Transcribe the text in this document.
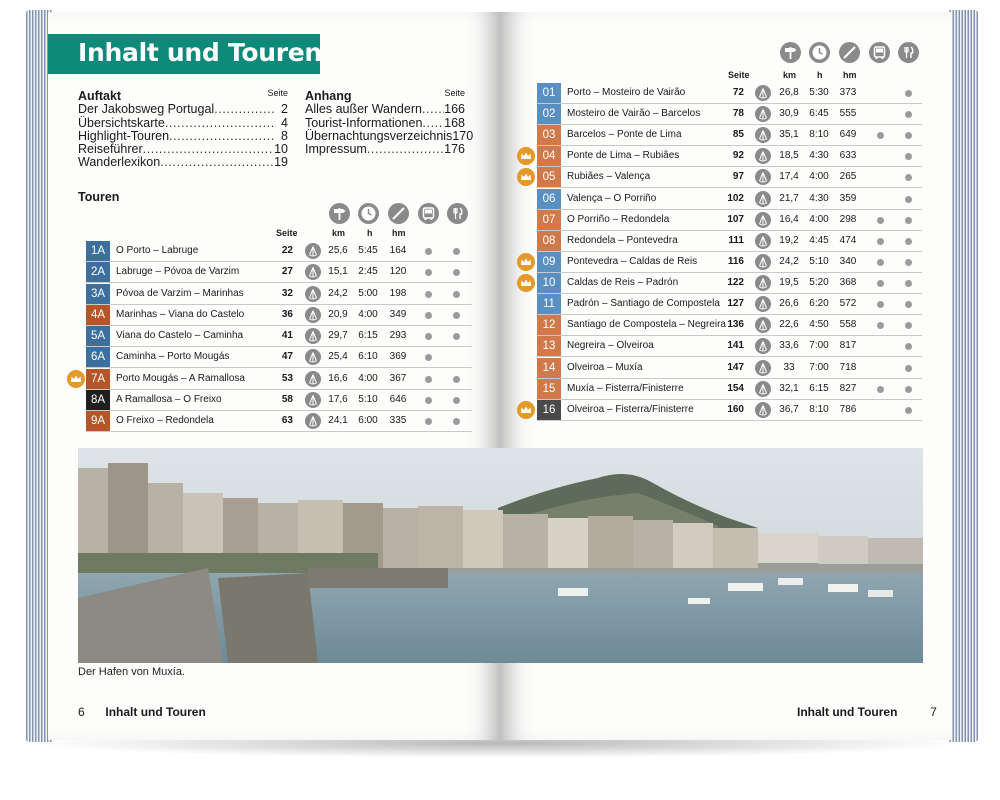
Inhalt und Touren
Auftakt	Seite
Der Jakobsweg Portugal .....	2
Übersichtskarte .....	4
Highlight-Touren .....	8
Reiseführer .....	10
Wanderlexikon .....	19
Anhang	Seite
Alles außer Wandern ..... 166
Tourist-Informationen ..... 168
Übernachtungsverzeichnis 170
Impressum .....	176
Touren
Seite	km h hm
Seite	km h hm
1A	O Porto – Labruge	22	25,6	5:45	164
2A	Labruge – Póvoa de Varzim	27	15,1	2:45	120
3A	Póvoa de Varzim – Marinhas	32	24,2	5:00	198
4A	Marinhas – Viana do Castelo	36	20,9	4:00	349
5A	Viana do Castelo – Caminha	41	29,7	6:15	293
6A	Caminha – Porto Mougás	47	25,4	6:10	369
7A	Porto Mougás – A Ramallosa	53	16,6	4:00	367
8A	A Ramallosa – O Freixo	58	17,6	5:10	646
9A	O Freixo – Redondela	63	24,1	6:00	335
01	Porto – Mosteiro de Vairão	72	26,8	5:30	373
02	Mosteiro de Vairão – Barcelos	78	30,9	6:45	555
03	Barcelos – Ponte de Lima	85	35,1	8:10	649
04	Ponte de Lima – Rubiães	92	18,5	4:30	633
05	Rubiães – Valença	97	17,4	4:00	265
06	Valença – O Porriño	102	21,7	4:30	359
07	O Porriño – Redondela	107	16,4	4:00	298
08	Redondela – Pontevedra	111	19,2	4:45	474
09	Pontevedra – Caldas de Reis	116	24,2	5:10	340
10	Caldas de Reis – Padrón	122	19,5	5:20	368
11	Padrón – Santiago de Compostela 127	26,6	6:20	572
12	Santiago de Compostela – Negreira 136	22,6	4:50	558
13	Negreira – Olveiroa	141	33,6	7:00	817
14	Olveiroa – Muxía	147	33	7:00	718
15	Muxía – Fisterra/Finisterre	154	32,1	6:15	827
16	Olveiroa – Fisterra/Finisterre	160	36,7	8:10	786
Der Hafen von Muxía.
6 Inhalt und Touren	Inhalt und Touren	7
